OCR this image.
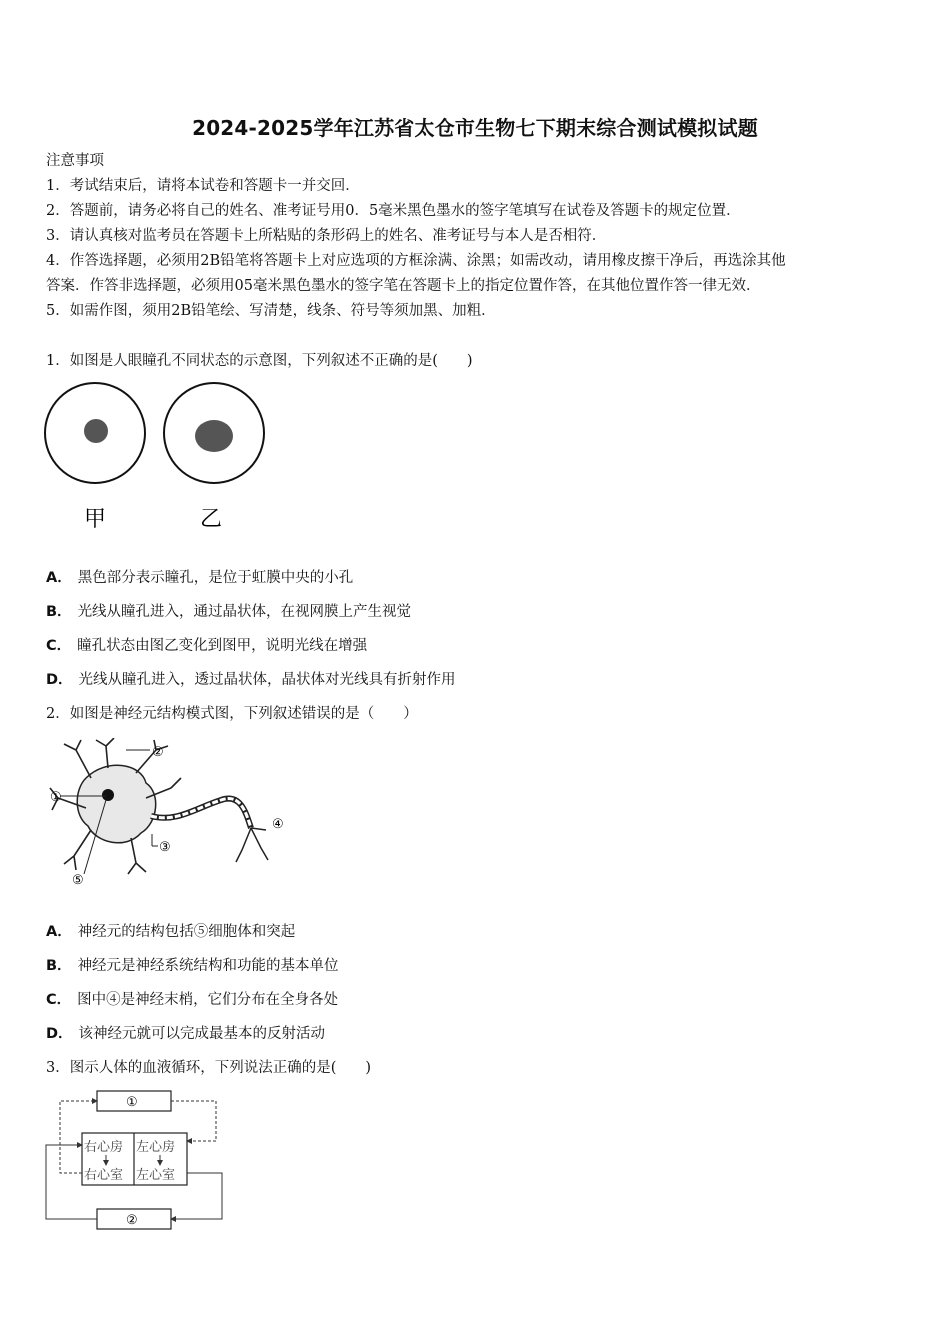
2024-2025学年江苏省太仓市生物七下期末综合测试模拟试题
注意事项
1．考试结束后，请将本试卷和答题卡一并交回．
2．答题前，请务必将自己的姓名、准考证号用0．5毫米黑色墨水的签字笔填写在试卷及答题卡的规定位置．
3．请认真核对监考员在答题卡上所粘贴的条形码上的姓名、准考证号与本人是否相符．
4．作答选择题，必须用2B铅笔将答题卡上对应选项的方框涂满、涂黑；如需改动，请用橡皮擦干净后，再选涂其他
答案．作答非选择题，必须用05毫米黑色墨水的签字笔在答题卡上的指定位置作答，在其他位置作答一律无效．
5．如需作图，须用2B铅笔绘、写清楚，线条、符号等须加黑、加粗．
1．如图是人眼瞳孔不同状态的示意图，下列叙述不正确的是(　　)
甲	乙
A． 黑色部分表示瞳孔，是位于虹膜中央的小孔
B． 光线从瞳孔进入，通过晶状体，在视网膜上产生视觉
C． 瞳孔状态由图乙变化到图甲，说明光线在增强
D． 光线从瞳孔进入，透过晶状体，晶状体对光线具有折射作用
2．如图是神经元结构模式图，下列叙述错误的是（　　）
①
②
③
④
⑤
A． 神经元的结构包括⑤细胞体和突起
B． 神经元是神经系统结构和功能的基本单位
C． 图中④是神经末梢，它们分布在全身各处
D． 该神经元就可以完成最基本的反射活动
3．图示人体的血液循环，下列说法正确的是(　　)
①
②
右心房 左心房
右心室 左心室
